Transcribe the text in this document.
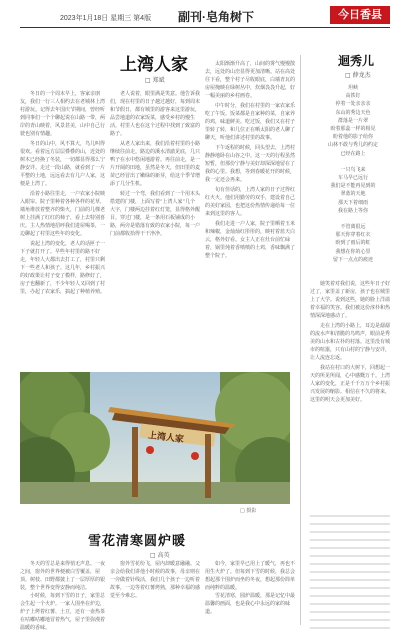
2023年1月18日 星期三 第4版 副刊·皂角树下	今日香县
上湾人家
□ 郑斌

冬日的一个周末早上，客家亲朋友，我们一行三人相约去在老城林上湾村游玩。记得去年国庆节期间，曾经听到同事们一个个聊起说在山路一带，两岸的青山映着，风景甚美，山中自己行驶也别有情趣。

冬日的山中，风不算大，鸟儿叫得很欢。看着远方层层叠叠的山，近处的树木已经换了冬装，一切都显得那么宁静安详。走过一段山路，就看到了一片平整的土地，远远看去有几户人家，这便是上湾了。

沿着小路往里走，一户农家小院映入眼帘。院子里种着各种各样的花草，墙角堆放着整齐的柴火，门前的几棵老树上挂满了红红的柿子，看上去特别喜庆。主人热情地招呼我们进屋喝茶，一边聊起了村里这些年的变化。

说起上湾的变化，老人的话匣子一下子就打开了。早些年村里的路不好走，年轻人大都出去打工了，村里只剩下一些老人和孩子。这几年，乡村振兴的好政策让村子变了模样，路修好了，房子也翻新了，不少年轻人又回到了村里，办起了农家乐，搞起了种植养殖。

老人说着，眼里满是笑意。他告诉我们，现在村里的日子越过越好，每到周末和节假日，都有城里的游客来这里游玩，品尝地道的农家饭菜，感受乡村的慢生活。村里人也在这个过程中找到了致富的路子。

从老人家出来，我们沿着村里的小路继续往前走。路边的溪水清澈见底，几只鸭子在水中悠闲地游着。再往前走，是一片开阔的田地，虽然是冬天，但田里的麦苗已经冒出了嫩绿的新芽，给这个季节增添了几分生机。

转过一个弯，我们看到了一个用木头搭建的门楼，上面写着“上湾人家”几个大字，门楼两边挂着红灯笼，显得格外醒目。穿过门楼，是一条用石板铺成的小路，两旁是错落有致的农家小院，每一户门前都收拾得干干净净。

太阳渐渐升高了，山间的雾气慢慢散去，远处的山峦显得更加清晰。站在高处往下看，整个村子尽收眼底，白墙青瓦的房屋掩映在绿树丛中，炊烟袅袅升起，好一幅美丽的乡村画卷。

中午时分，我们在村里的一家农家乐吃了午饭。饭菜都是自家种的菜，自家养的鸡，味道鲜美。吃过饭，我们又在村子里转了转，和几位正在晒太阳的老人聊了聊天，听他们讲述村里的故事。

下午返程的时候，回头望去，上湾村静静地卧在山谷之中。这一天的行程虽然短暂，但那份宁静与美好却深深地留在了我的心里。我想，等到春暖花开的时候，我一定还会再来。

旬有佳话的，上湾人家的日子过得红红火火。他们用勤劳的双手，建设着自己的美好家园，也把这份热情传递给每一位来到这里的客人。

我们走进一户人家，院子里晒着玉米和辣椒，金灿灿红彤彤的，映衬着蓝天白云，格外好看。女主人正在灶台前忙碌着，锅里炖着香喷喷的土鸡，香味飘满了整个院子。

迴秀儿
□ 薛龙杰
坦峡
高铁钉
停着一处亲亲亲
东山的秀边天色
群落是一片翠
盼着那蕊一样的相见
盼着他的影子给你
山林不敢与秀儿的约定
已经在路上
一只鸟飞来
车马早已远行
我们是不能再见到的
翠蓝的天地
那天下着细雨
我在路上等你
不管离很远
那天你穿着红衣
盼到了雨后的虹
我想在你的心里
留下一点点的痕迹

她笑着对我们说，这些年日子好过了，家里盖了新房，孩子也在城里上了大学。说到这些，她的脸上洋溢着幸福的笑容。我们被这份淳朴和热情深深地感动了。

走在上湾的小路上，耳边是潺潺的流水声和清脆的鸟鸣声，眼前是秀美的山水和古朴的村落。这里没有城市的喧嚣，只有山村的宁静与安详，让人流连忘返。

我站在村口的大树下，回想起一天的所见所闻，心中感慨万千。上湾人家的变化，正是千千万万个乡村振兴发展的缩影。相信在不久的将来，这里的明天会更加美好。

上湾人家
□ 摄影
雪花清寒圆炉暖
□ 高英

冬天的雪总是来得悄无声息。一夜之间，窗外的世界便被白雪覆盖，屋顶、树枝、田野都披上了一层厚厚的银装，整个世界变得安静而纯洁。

小时候，每到下雪的日子，家里总会生起一个火炉。一家人围坐在炉边，炉子上烤着红薯、土豆，还有一壶热茶在咕嘟咕嘟地冒着热气，屋子里弥漫着温暖的香味。

窗外雪花纷飞，屋内却暖意融融。父亲会给我们讲他小时候的故事，母亲则在一旁做着针线活，我们几个孩子一边听着故事，一边等着红薯烤熟，那种幸福的感觉至今难忘。

如今，家里早已用上了暖气，再也不用生火炉了。但每到下雪的时候，我总会想起那个围炉而坐的冬夜，想起那份简单而纯粹的温暖。

雪花清寒，圆炉温暖，那是记忆中最温馨的画面，也是我心中永远的家的味道。
